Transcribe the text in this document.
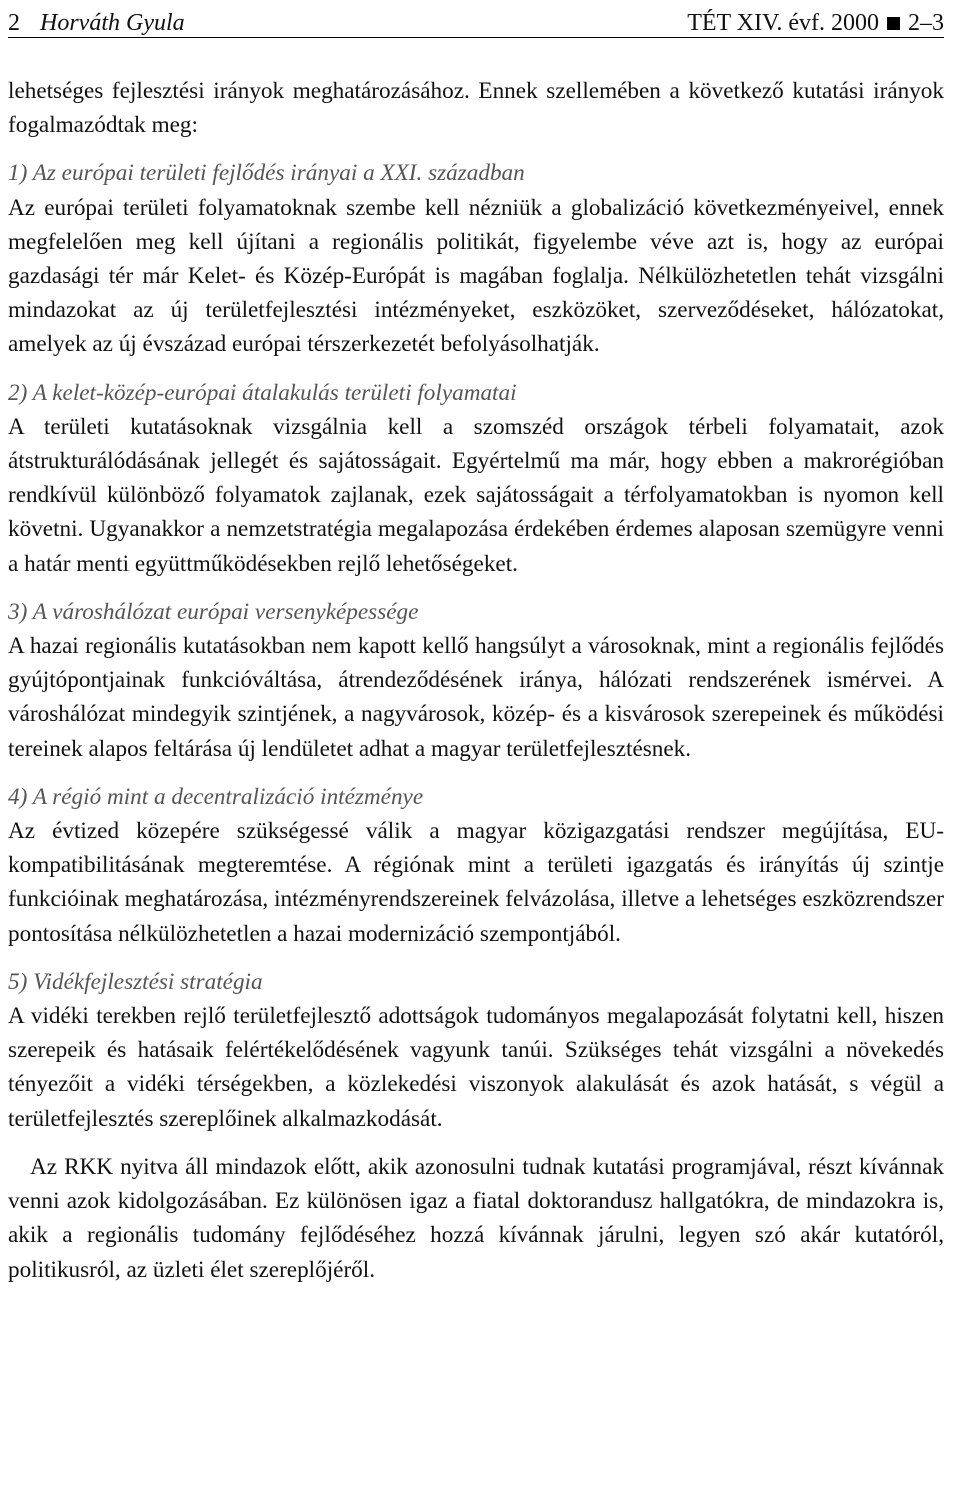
2 Horváth Gyula	TÉT XIV. évf. 2000 2–3

lehetséges fejlesztési irányok meghatározásához. Ennek szellemében a következő kutatási irányok fogalmazódtak meg:

1) Az európai területi fejlődés irányai a XXI. században

Az európai területi folyamatoknak szembe kell nézniük a globalizáció következményeivel, ennek megfelelően meg kell újítani a regionális politikát, figyelembe véve azt is, hogy az európai gazdasági tér már Kelet- és Közép-Európát is magában foglalja. Nélkülözhetetlen tehát vizsgálni mindazokat az új területfejlesztési intézményeket, eszközöket, szerveződéseket, hálózatokat, amelyek az új évszázad európai térszerkezetét befolyásolhatják.

2) A kelet-közép-európai átalakulás területi folyamatai

A területi kutatásoknak vizsgálnia kell a szomszéd országok térbeli folyamatait, azok átstrukturálódásának jellegét és sajátosságait. Egyértelmű ma már, hogy ebben a makrorégióban rendkívül különböző folyamatok zajlanak, ezek sajátosságait a térfolyamatokban is nyomon kell követni. Ugyanakkor a nemzetstratégia megalapozása érdekében érdemes alaposan szemügyre venni a határ menti együttműködésekben rejlő lehetőségeket.

3) A városhálózat európai versenyképessége

A hazai regionális kutatásokban nem kapott kellő hangsúlyt a városoknak, mint a regionális fejlődés gyújtópontjainak funkcióváltása, átrendeződésének iránya, hálózati rendszerének ismérvei. A városhálózat mindegyik szintjének, a nagyvárosok, közép- és a kisvárosok szerepeinek és működési tereinek alapos feltárása új lendületet adhat a magyar területfejlesztésnek.

4) A régió mint a decentralizáció intézménye

Az évtized közepére szükségessé válik a magyar közigazgatási rendszer megújítása, EU-kompatibilitásának megteremtése. A régiónak mint a területi igazgatás és irányítás új szintje funkcióinak meghatározása, intézményrendszereinek felvázolása, illetve a lehetséges eszközrendszer pontosítása nélkülözhetetlen a hazai modernizáció szempontjából.

5) Vidékfejlesztési stratégia

A vidéki terekben rejlő területfejlesztő adottságok tudományos megalapozását folytatni kell, hiszen szerepeik és hatásaik felértékelődésének vagyunk tanúi. Szükséges tehát vizsgálni a növekedés tényezőit a vidéki térségekben, a közlekedési viszonyok alakulását és azok hatását, s végül a területfejlesztés szereplőinek alkalmazkodását.

Az RKK nyitva áll mindazok előtt, akik azonosulni tudnak kutatási programjával, részt kívánnak venni azok kidolgozásában. Ez különösen igaz a fiatal doktorandusz hallgatókra, de mindazokra is, akik a regionális tudomány fejlődéséhez hozzá kívánnak járulni, legyen szó akár kutatóról, politikusról, az üzleti élet szereplőjéről.
